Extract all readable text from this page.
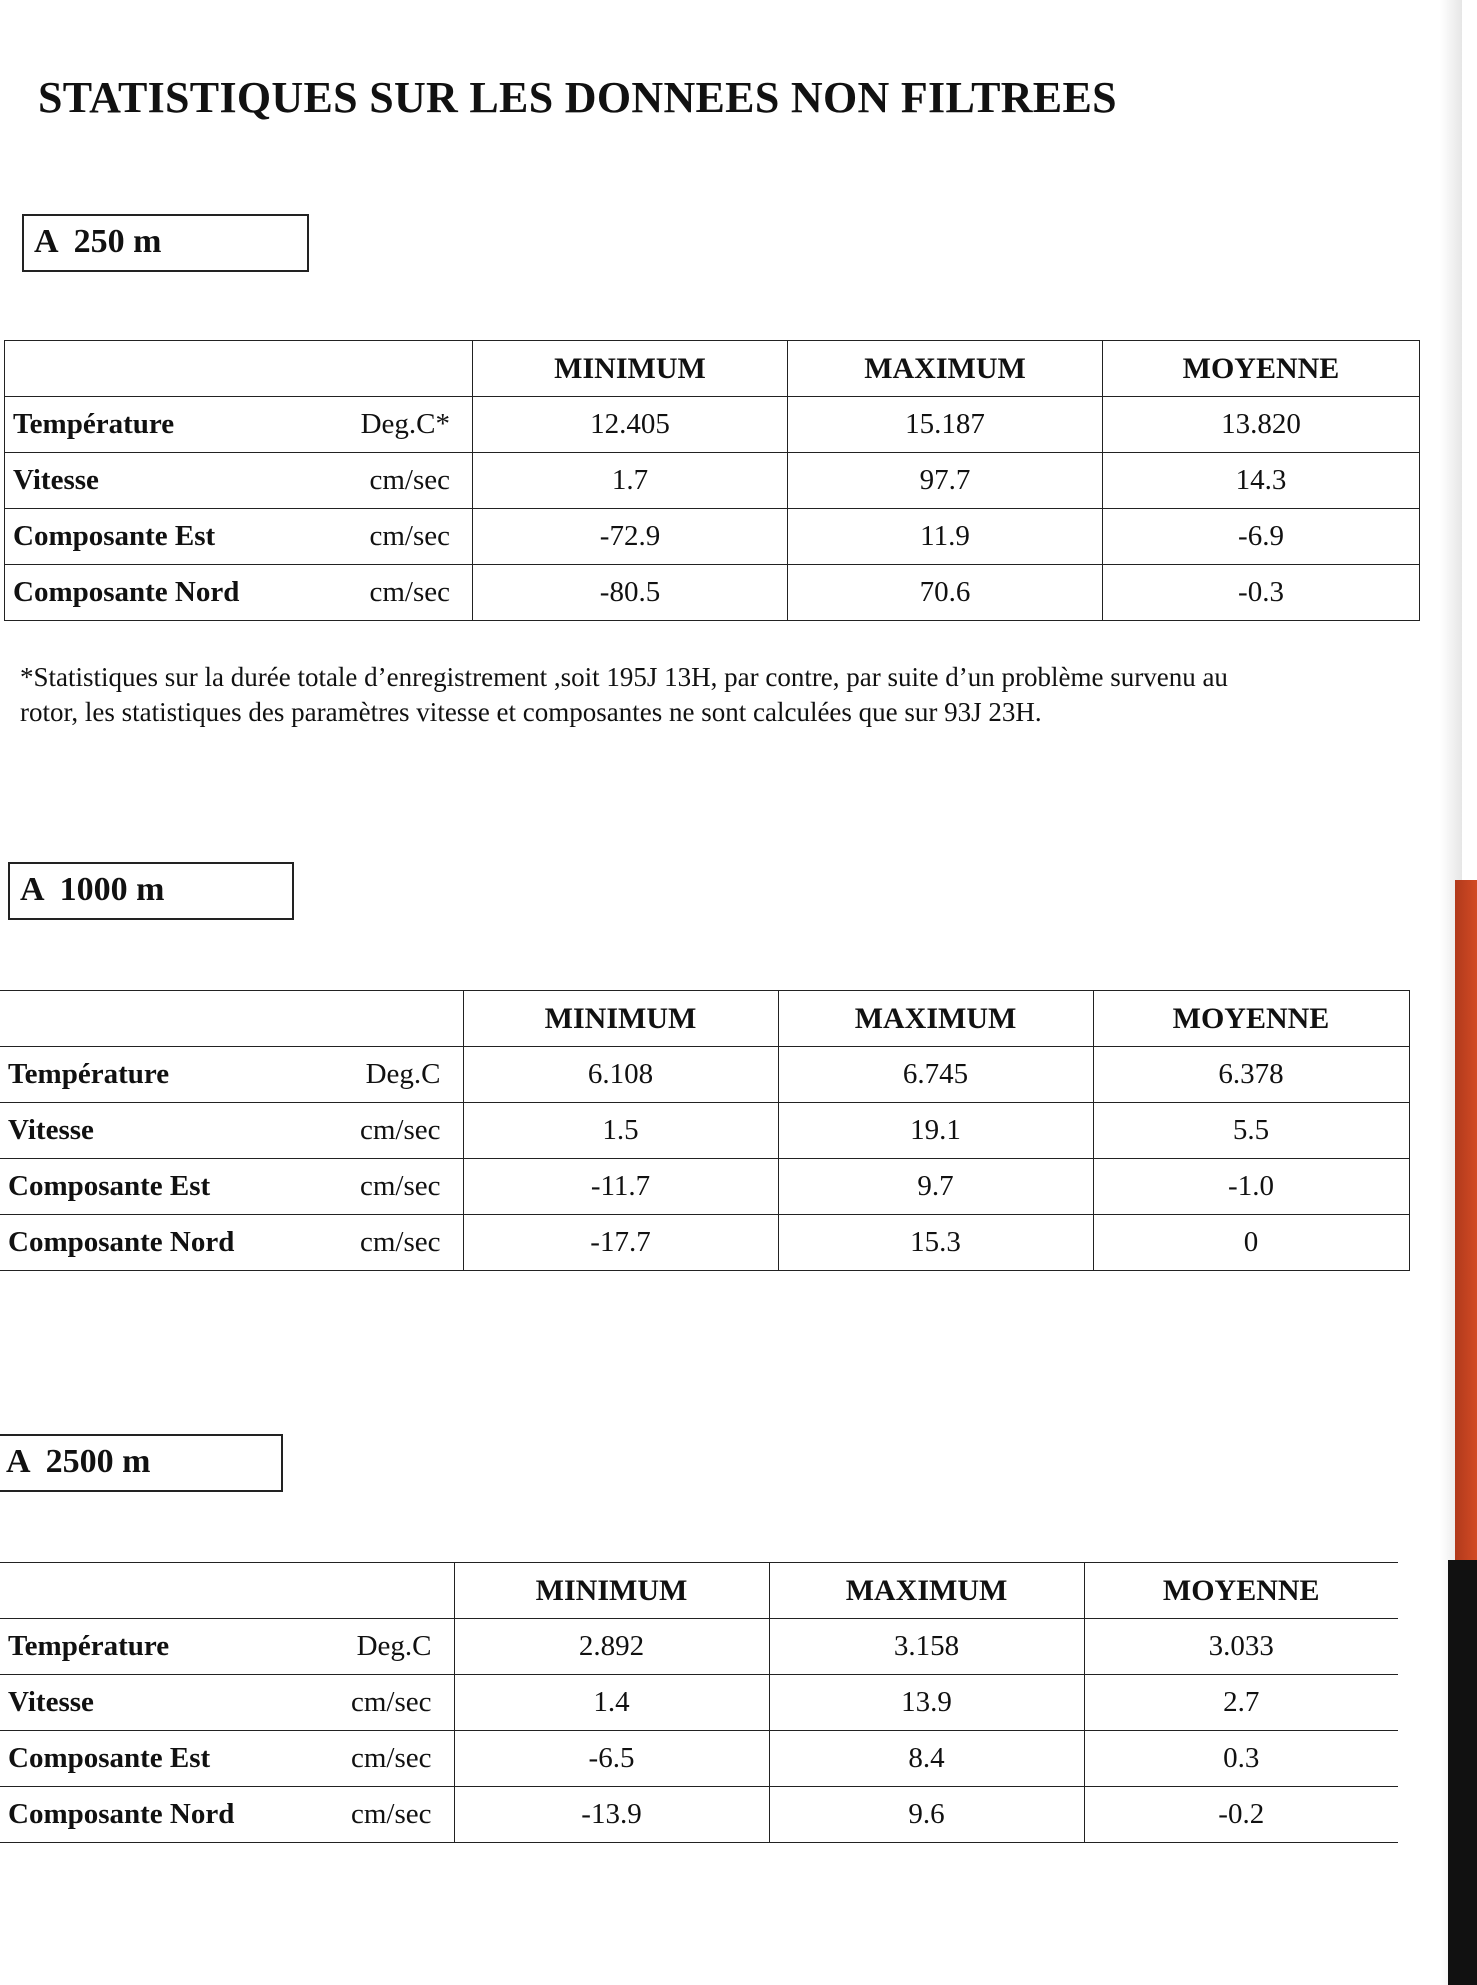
STATISTIQUES SUR LES DONNEES NON FILTREES
A  250 m
		MINIMUM	MAXIMUM	MOYENNE
Température	Deg.C*	12.405	15.187	13.820
Vitesse	cm/sec	1.7	97.7	14.3
Composante Est	cm/sec	-72.9	11.9	-6.9
Composante Nord	cm/sec	-80.5	70.6	-0.3

*Statistiques sur la durée totale d’enregistrement ,soit 195J 13H, par contre, par suite d’un problème survenu au rotor, les statistiques des paramètres vitesse et composantes ne sont calculées que sur 93J 23H.

A  1000 m
		MINIMUM	MAXIMUM	MOYENNE
Température	Deg.C	6.108	6.745	6.378
Vitesse	cm/sec	1.5	19.1	5.5
Composante Est	cm/sec	-11.7	9.7	-1.0
Composante Nord	cm/sec	-17.7	15.3	0
A  2500 m
		MINIMUM	MAXIMUM	MOYENNE
Température	Deg.C	2.892	3.158	3.033
Vitesse	cm/sec	1.4	13.9	2.7
Composante Est	cm/sec	-6.5	8.4	0.3
Composante Nord	cm/sec	-13.9	9.6	-0.2
